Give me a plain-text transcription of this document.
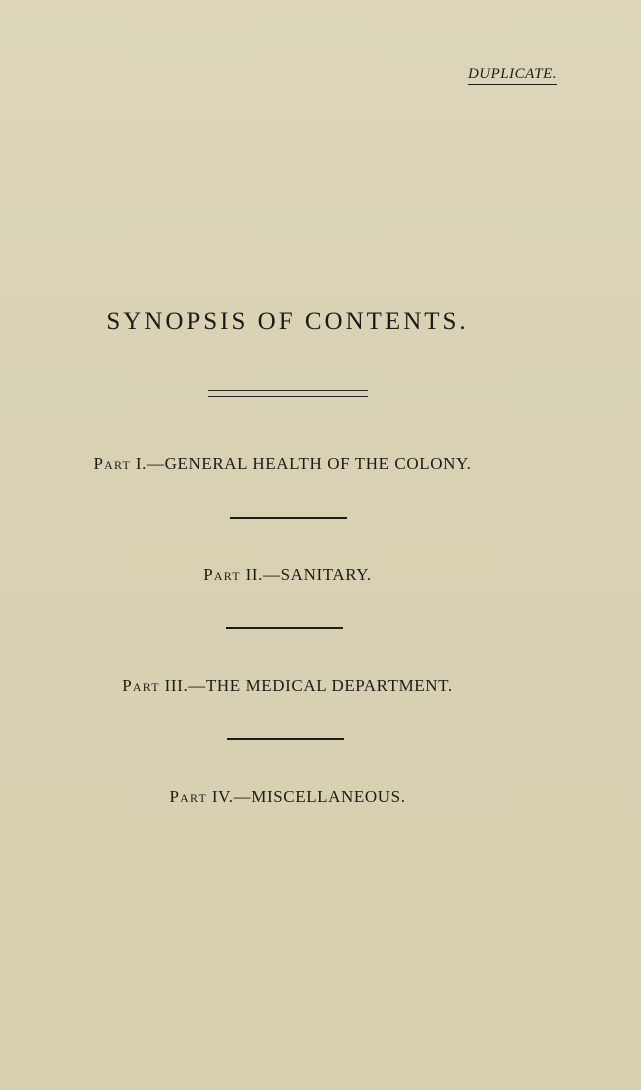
DUPLICATE.
SYNOPSIS OF CONTENTS.
Part I.—GENERAL HEALTH OF THE COLONY.
Part II.—SANITARY.
Part III.—THE MEDICAL DEPARTMENT.
Part IV.—MISCELLANEOUS.
